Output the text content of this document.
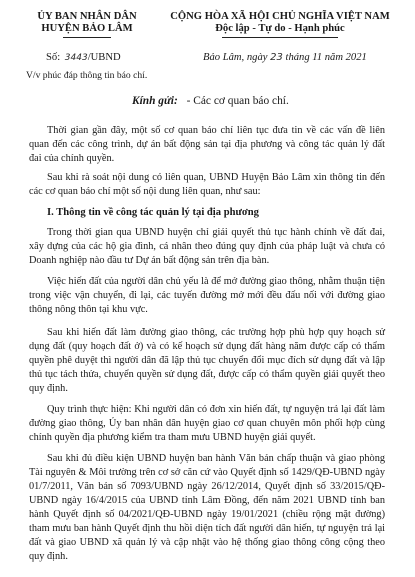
ỦY BAN NHÂN DÂN
HUYỆN BẢO LÂM
CỘNG HÒA XÃ HỘI CHỦ NGHĨA VIỆT NAM
Độc lập - Tự do - Hạnh phúc
Số: 3443/UBND	Bảo Lâm, ngày 23 tháng 11 năm 2021
V/v phúc đáp thông tin báo chí.
Kính gửi: - Các cơ quan báo chí.

Thời gian gần đây, một số cơ quan báo chí liên tục đưa tin về các vấn đề liên quan đến các công trình, dự án bất động sản tại địa phương và công tác quản lý đất đai của chính quyền.

Sau khi rà soát nội dung có liên quan, UBND Huyện Bảo Lâm xin thông tin đến các cơ quan báo chí một số nội dung liên quan, như sau:

I. Thông tin về công tác quản lý tại địa phương

Trong thời gian qua UBND huyện chỉ giải quyết thủ tục hành chính về đất đai, xây dựng của các hộ gia đình, cá nhân theo đúng quy định của pháp luật và chưa có Doanh nghiệp nào đầu tư Dự án bất động sản trên địa bàn.

Việc hiến đất của người dân chủ yếu là để mở đường giao thông, nhằm thuận tiện trong việc vận chuyển, đi lại, các tuyến đường mở mới đều đấu nối với đường giao thông nông thôn tại khu vực.

Sau khi hiến đất làm đường giao thông, các trường hợp phù hợp quy hoạch sử dụng đất (quy hoạch đất ở) và có kế hoạch sử dụng đất hàng năm được cấp có thẩm quyền phê duyệt thì người dân đã lập thủ tục chuyển đổi mục đích sử dụng đất và lập thủ tục tách thửa, chuyển quyền sử dụng đất, được cấp có thẩm quyền giải quyết theo quy định.

Quy trình thực hiện: Khi người dân có đơn xin hiến đất, tự nguyện trả lại đất làm đường giao thông, Ủy ban nhân dân huyện giao cơ quan chuyên môn phối hợp cùng chính quyền địa phương kiểm tra tham mưu UBND huyện giải quyết.

Sau khi đủ điều kiện UBND huyện ban hành Văn bản chấp thuận và giao phòng Tài nguyên & Môi trường trên cơ sở căn cứ vào Quyết định số 1429/QĐ-UBND ngày 01/7/2011, Văn bản số 7093/UBND ngày 26/12/2014, Quyết định số 33/2015/QĐ-UBND ngày 16/4/2015 của UBND tỉnh Lâm Đồng, đến năm 2021 UBND tỉnh ban hành Quyết định số 04/2021/QĐ-UBND ngày 19/01/2021 (chiều rộng mặt đường) tham mưu ban hành Quyết định thu hồi diện tích đất người dân hiến, tự nguyện trả lại đất và giao UBND xã quản lý và cập nhật vào hệ thống giao thông công cộng theo quy định.
